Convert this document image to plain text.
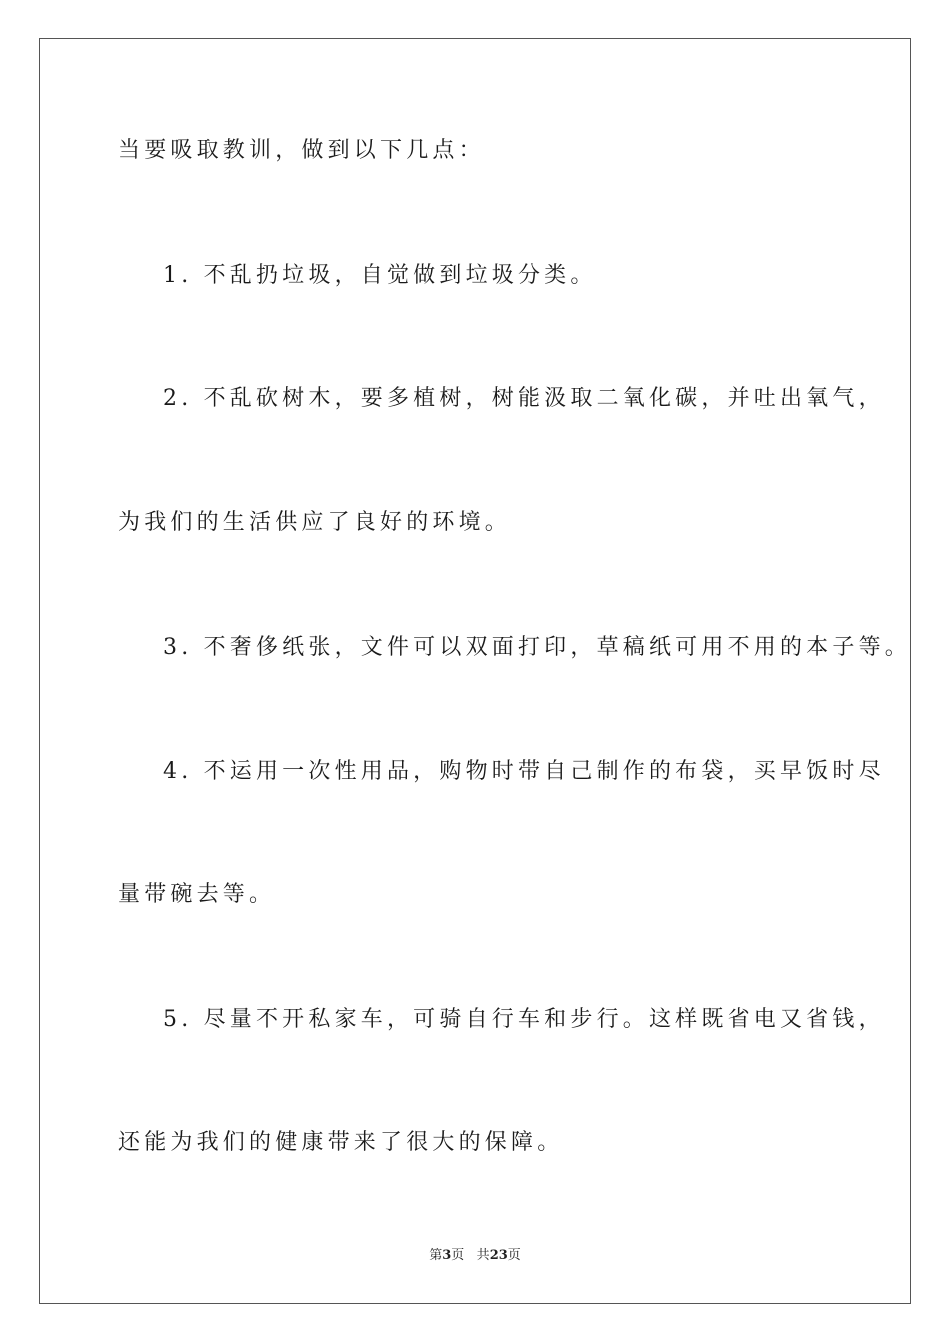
当要吸取教训，做到以下几点：
1. 不乱扔垃圾，自觉做到垃圾分类。
2. 不乱砍树木，要多植树，树能汲取二氧化碳，并吐出氧气，
为我们的生活供应了良好的环境。
3. 不奢侈纸张，文件可以双面打印，草稿纸可用不用的本子等。
4. 不运用一次性用品，购物时带自己制作的布袋，买早饭时尽
量带碗去等。
5. 尽量不开私家车，可骑自行车和步行。这样既省电又省钱，
还能为我们的健康带来了很大的保障。
第3页 共23页
